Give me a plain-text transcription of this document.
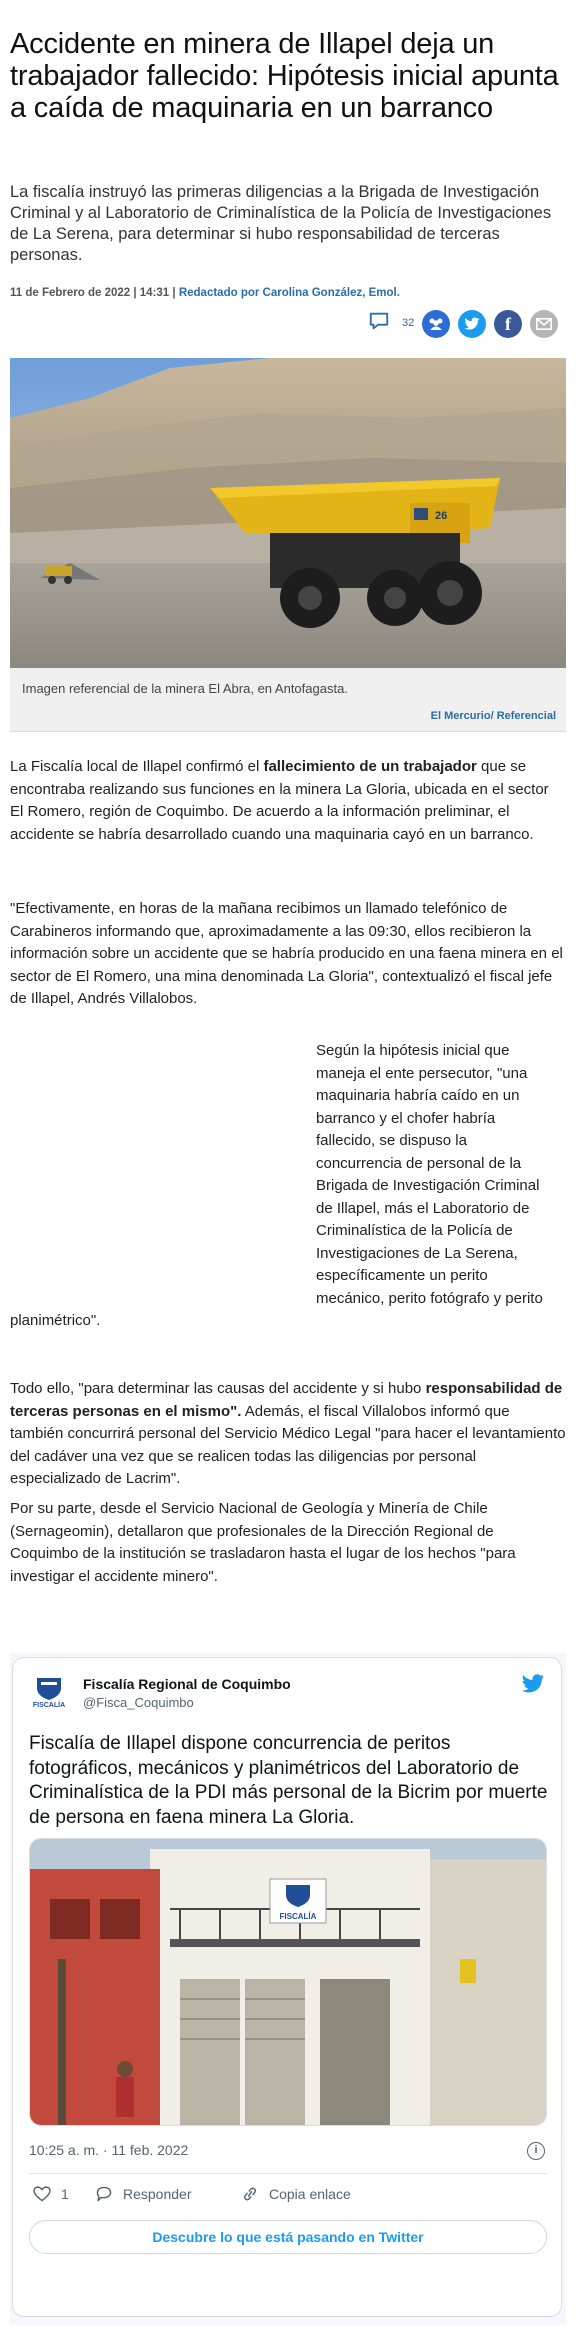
Accidente en minera de Illapel deja un trabajador fallecido: Hipótesis inicial apunta a caída de maquinaria en un barranco

La fiscalía instruyó las primeras diligencias a la Brigada de Investigación Criminal y al Laboratorio de Criminalística de la Policía de Investigaciones de La Serena, para determinar si hubo responsabilidad de terceras personas.

11 de Febrero de 2022 | 14:31 | Redactado por Carolina González, Emol.
32	f
26
Imagen referencial de la minera El Abra, en Antofagasta.
El Mercurio/ Referencial

La Fiscalía local de Illapel confirmó el fallecimiento de un trabajador que se encontraba realizando sus funciones en la minera La Gloria, ubicada en el sector El Romero, región de Coquimbo. De acuerdo a la información preliminar, el accidente se habría desarrollado cuando una maquinaria cayó en un barranco.

"Efectivamente, en horas de la mañana recibimos un llamado telefónico de Carabineros informando que, aproximadamente a las 09:30, ellos recibieron la información sobre un accidente que se habría producido en una faena minera en el sector de El Romero, una mina denominada La Gloria", contextualizó el fiscal jefe de Illapel, Andrés Villalobos.

Según la hipótesis inicial que
maneja el ente persecutor, "una
maquinaria habría caído en un
barranco y el chofer habría
fallecido, se dispuso la
concurrencia de personal de la
Brigada de Investigación Criminal
de Illapel, más el Laboratorio de
Criminalística de la Policía de
Investigaciones de La Serena,
específicamente un perito
mecánico, perito fotógrafo y perito
planimétrico".

Todo ello, "para determinar las causas del accidente y si hubo responsabilidad de terceras personas en el mismo". Además, el fiscal Villalobos informó que también concurrirá personal del Servicio Médico Legal "para hacer el levantamiento del cadáver una vez que se realicen todas las diligencias por personal especializado de Lacrim".

Por su parte, desde el Servicio Nacional de Geología y Minería de Chile (Sernageomin), detallaron que profesionales de la Dirección Regional de Coquimbo de la institución se trasladaron hasta el lugar de los hechos "para investigar el accidente minero".

FISCALÍA
Fiscalía Regional de Coquimbo
@Fisca_Coquimbo

Fiscalía de Illapel dispone concurrencia de peritos fotográficos, mecánicos y planimétricos del Laboratorio de Criminalística de la PDI más personal de la Bicrim por muerte de persona en faena minera La Gloria.

FISCALÍA
10:25 a. m. · 11 feb. 2022	i
1	Responder	Copia enlace
Descubre lo que está pasando en Twitter
